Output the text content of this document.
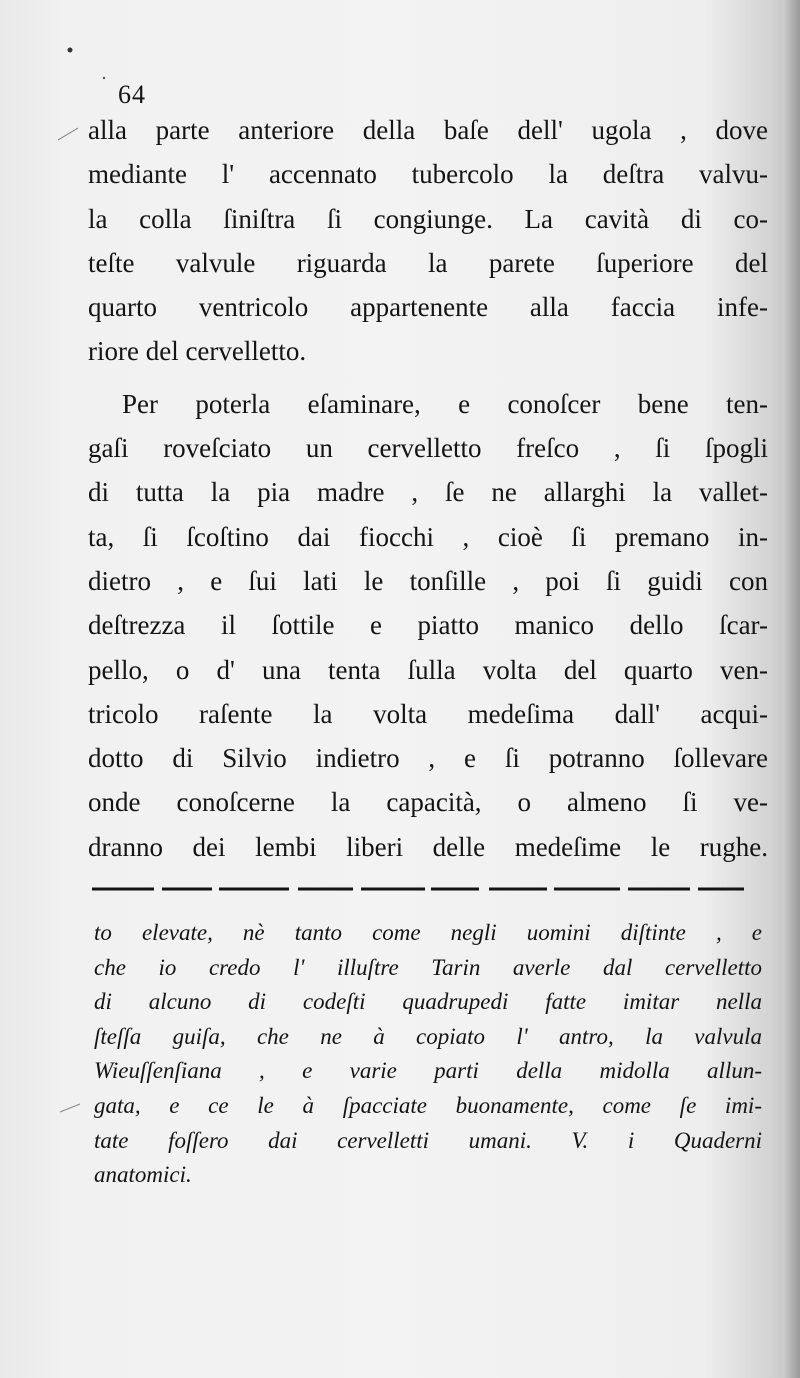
64
alla parte anteriore della baſe dell' ugola , dove
mediante l' accennato tubercolo la deſtra valvu-
la colla ſiniſtra ſi congiunge. La cavità di co-
teſte valvule riguarda la parete ſuperiore del
quarto ventricolo appartenente alla faccia infe-
riore del cervelletto.
Per poterla eſaminare, e conoſcer bene ten-
gaſi roveſciato un cervelletto freſco , ſi ſpogli
di tutta la pia madre , ſe ne allarghi la vallet-
ta, ſi ſcoſtino dai fiocchi , cioè ſi premano in-
dietro , e ſui lati le tonſille , poi ſi guidi con
deſtrezza il ſottile e piatto manico dello ſcar-
pello, o d' una tenta ſulla volta del quarto ven-
tricolo raſente la volta medeſima dall' acqui-
dotto di Silvio indietro , e ſi potranno ſollevare
onde conoſcerne la capacità, o almeno ſi ve-
dranno dei lembi liberi delle medeſime le rughe.
to elevate, nè tanto come negli uomini diſtinte , e
che io credo l' illuſtre Tarin averle dal cervelletto
di alcuno di codeſti quadrupedi fatte imitar nella
ſteſſa guiſa, che ne à copiato l' antro, la valvula
Wieuſſenſiana , e varie parti della midolla allun-
gata, e ce le à ſpacciate buonamente, come ſe imi-
tate foſſero dai cervelletti umani. V. i Quaderni
anatomici.
